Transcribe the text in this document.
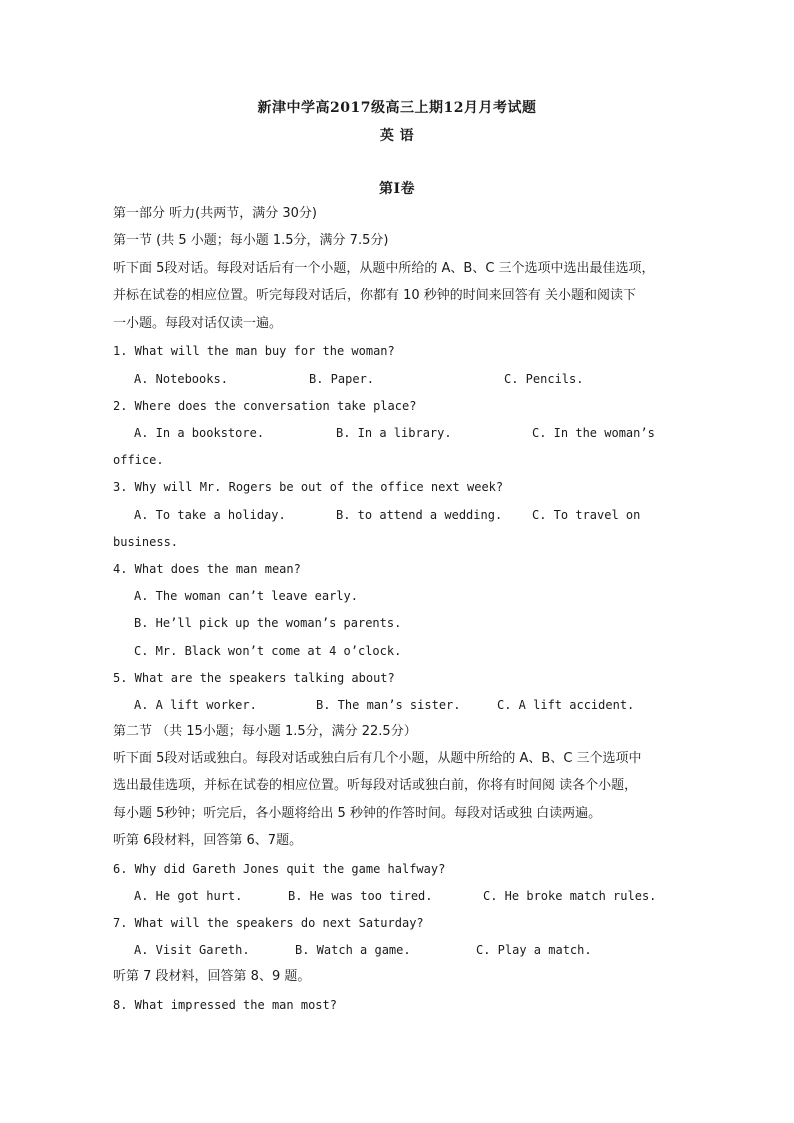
新津中学高2017级高三上期12月月考试题
英 语
第Ⅰ卷
第一部分 听力(共两节，满分 30分)
第一节 (共 5 小题；每小题 1.5分，满分 7.5分)
听下面 5段对话。每段对话后有一个小题，从题中所给的 A、B、C 三个选项中选出最佳选项，
并标在试卷的相应位置。听完每段对话后，你都有 10 秒钟的时间来回答有 关小题和阅读下
一小题。每段对话仅读一遍。
1. What will the man buy for the woman?
A. Notebooks.	B. Paper.	C. Pencils.
2. Where does the conversation take place?
A. In a bookstore.	B. In a library.	C. In the woman’s
office.
3. Why will Mr. Rogers be out of the office next week?
A. To take a holiday.	B. to attend a wedding. C. To travel on
business.
4. What does the man mean?
A. The woman can’t leave early.
B. He’ll pick up the woman’s parents.
C. Mr. Black won’t come at 4 o’clock.
5. What are the speakers talking about?
A. A lift worker.	B. The man’s sister.	C. A lift accident.
第二节 （共 15小题；每小题 1.5分，满分 22.5分）
听下面 5段对话或独白。每段对话或独白后有几个小题，从题中所给的 A、B、C 三个选项中
选出最佳选项，并标在试卷的相应位置。听每段对话或独白前，你将有时间阅 读各个小题，
每小题 5秒钟；听完后，各小题将给出 5 秒钟的作答时间。每段对话或独 白读两遍。
听第 6段材料，回答第 6、7题。
6. Why did Gareth Jones quit the game halfway?
A. He got hurt.	B. He was too tired.	C. He broke match rules.
7. What will the speakers do next Saturday?
A. Visit Gareth.	B. Watch a game.	C. Play a match.
听第 7 段材料，回答第 8、9 题。
8. What impressed the man most?
